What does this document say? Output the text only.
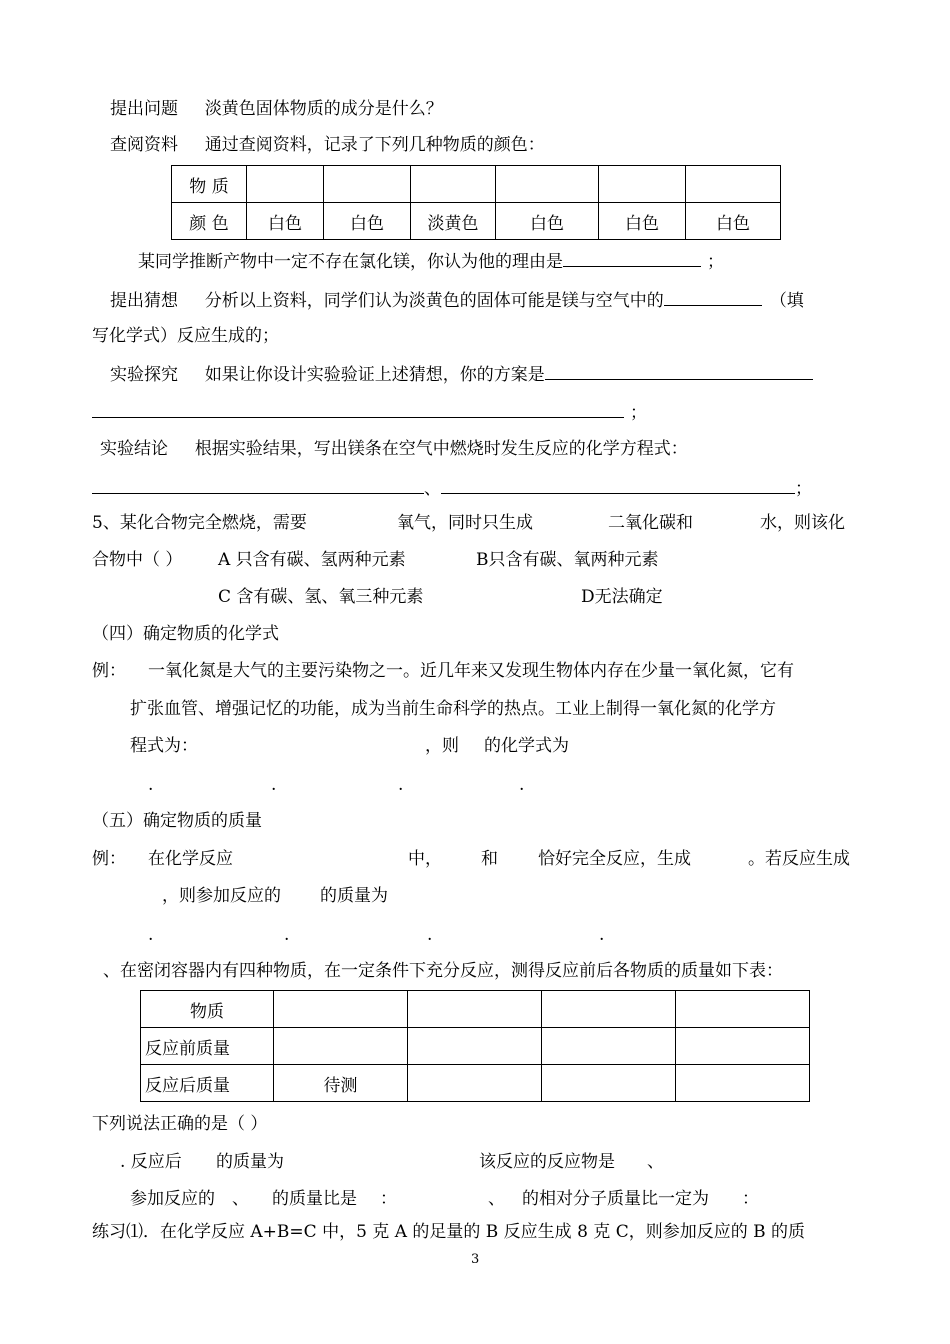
提出问题 淡黄色固体物质的成分是什么？
查阅资料 通过查阅资料，记录了下列几种物质的颜色：
物 质						
颜 色	白色	白色	淡黄色	白色	白色	白色
某同学推断产物中一定不存在氯化镁，你认为他的理由是	；
提出猜想 分析以上资料，同学们认为淡黄色的固体可能是镁与空气中的	（填
写化学式）反应生成的；
实验探究 如果让你设计实验验证上述猜想，你的方案是
；
实验结论 根据实验结果，写出镁条在空气中燃烧时发生反应的化学方程式：
、	；
5、某化合物完全燃烧，需要	氧气，同时只生成	二氧化碳和	水，则该化
合物中（ ） A 只含有碳、氢两种元素	B只含有碳、氧两种元素
C 含有碳、氢、氧三种元素	D无法确定
（四）确定物质的化学式
例： 一氧化氮是大气的主要污染物之一。近几年来又发现生物体内存在少量一氧化氮，它有
扩张血管、增强记忆的功能，成为当前生命科学的热点。工业上制得一氧化氮的化学方
程式为：	，则 的化学式为
.	.	.	.
（五）确定物质的质量
例： 在化学反应	中， 和 恰好完全反应，生成	。若反应生成
，则参加反应的 的质量为
.	.	.	.
、在密闭容器内有四种物质，在一定条件下充分反应，测得反应前后各物质的质量如下表：
物质				
反应前质量				
反应后质量	待测			
下列说法正确的是（ ）
. 反应后 的质量为	该反应的反应物是 、
参加反应的 、 的质量比是 ：	、 的相对分子质量比一定为 ：
练习⑴．在化学反应 A+B=C 中，5 克 A 的足量的 B 反应生成 8 克 C，则参加反应的 B 的质
3
